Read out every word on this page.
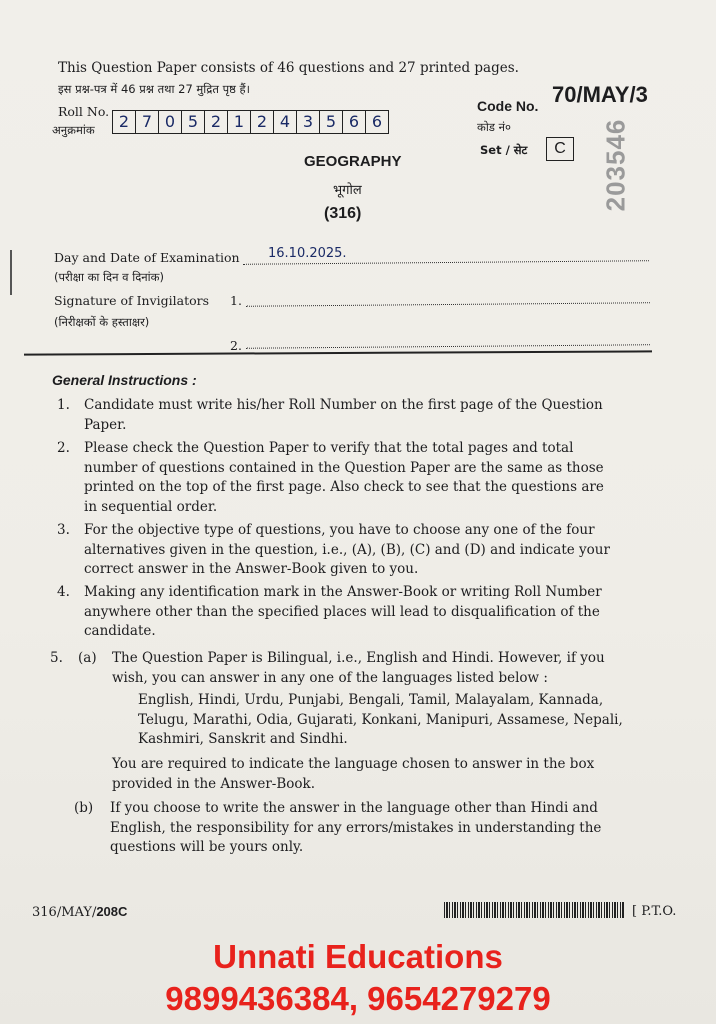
This Question Paper consists of 46 questions and 27 printed pages.
इस प्रश्न-पत्र में 46 प्रश्न तथा 27 मुद्रित पृष्ठ हैं।
Roll No.
अनुक्रमांक	2 7 0 5 2 1 2 4 3 5 6 6
Code No. 70/MAY/3
कोड नं०
Set / सेट	C	203546
GEOGRAPHY
भूगोल
(316)
Day and Date of Examination
(परीक्षा का दिन व दिनांक)
16.10.2025.
Signature of Invigilators
(निरीक्षकों के हस्ताक्षर)
1.
2.
General Instructions :
1. Candidate must write his/her Roll Number on the first page of the Question
Paper.
2. Please check the Question Paper to verify that the total pages and total
number of questions contained in the Question Paper are the same as those
printed on the top of the first page. Also check to see that the questions are
in sequential order.
3. For the objective type of questions, you have to choose any one of the four
alternatives given in the question, i.e., (A), (B), (C) and (D) and indicate your
correct answer in the Answer-Book given to you.
4. Making any identification mark in the Answer-Book or writing Roll Number
anywhere other than the specified places will lead to disqualification of the
candidate.
5. (a) The Question Paper is Bilingual, i.e., English and Hindi. However, if you
wish, you can answer in any one of the languages listed below :
English, Hindi, Urdu, Punjabi, Bengali, Tamil, Malayalam, Kannada,
Telugu, Marathi, Odia, Gujarati, Konkani, Manipuri, Assamese, Nepali,
Kashmiri, Sanskrit and Sindhi.
You are required to indicate the language chosen to answer in the box
provided in the Answer-Book.
(b) If you choose to write the answer in the language other than Hindi and
English, the responsibility for any errors/mistakes in understanding the
questions will be yours only.
316/MAY/208C	[ P.T.O.
Unnati Educations
9899436384, 9654279279
